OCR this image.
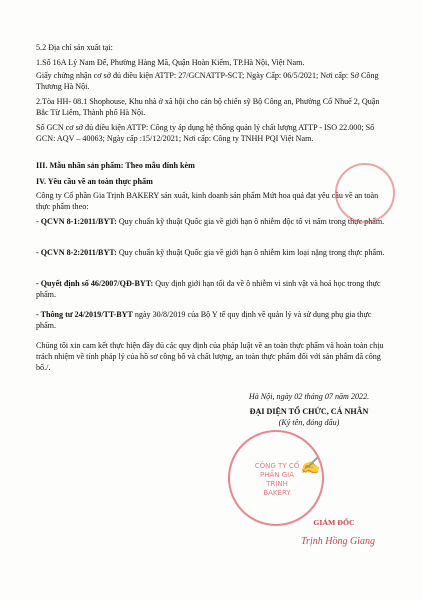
5.2 Địa chỉ sản xuất tại:
1.Số 16A Lý Nam Đế, Phường Hàng Mã, Quận Hoàn Kiếm, TP.Hà Nội, Việt Nam.
Giấy chứng nhận cơ sở đủ điều kiện ATTP: 27/GCNATTP-SCT; Ngày Cấp: 06/5/2021; Nơi cấp: Sở Công Thương Hà Nội.
2.Tòa HH- 08.1 Shophouse, Khu nhà ở xã hội cho cán bộ chiến sỹ Bộ Công an, Phường Cổ Nhuế 2, Quận Bắc Từ Liêm, Thành phố Hà Nội.
Số GCN cơ sở đủ điều kiện ATTP: Công ty áp dụng hệ thống quản lý chất lượng ATTP - ISO 22.000; Số GCN: AQV – 40063; Ngày cấp :15/12/2021; Nơi cấp: Công ty TNHH PQI Việt Nam.
III. Mẫu nhãn sản phẩm: Theo mẫu đính kèm
IV. Yêu cầu về an toàn thực phẩm
Công ty Cổ phần Gia Trịnh BAKERY sản xuất, kinh doanh sản phẩm Mứt hoa quả đạt yêu cầu về an toàn thực phẩm theo:
- QCVN 8-1:2011/BYT: Quy chuẩn kỹ thuật Quốc gia về giới hạn ô nhiễm độc tố vi nấm trong thực phẩm.
- QCVN 8-2:2011/BYT: Quy chuẩn kỹ thuật Quốc gia về giới hạn ô nhiễm kim loại nặng trong thực phẩm.
- Quyết định số 46/2007/QĐ-BYT: Quy định giới hạn tối đa về ô nhiễm vi sinh vật và hoá học trong thực phẩm.
- Thông tư 24/2019/TT-BYT ngày 30/8/2019 của Bộ Y tế quy định về quản lý và sử dụng phụ gia thực phẩm.
Chúng tôi xin cam kết thực hiện đầy đủ các quy định của pháp luật về an toàn thực phẩm và hoàn toàn chịu trách nhiệm về tính pháp lý của hồ sơ công bố và chất lượng, an toàn thực phẩm đối với sản phẩm đã công bố./.
Hà Nội, ngày 02 tháng 07 năm 2022.
ĐẠI DIỆN TỔ CHỨC, CÁ NHÂN
(Ký tên, đóng dấu)
CÔNG TY CỔ PHẦN GIA TRỊNH BAKERY
✍
GIÁM ĐỐC
Trịnh Hồng Giang
